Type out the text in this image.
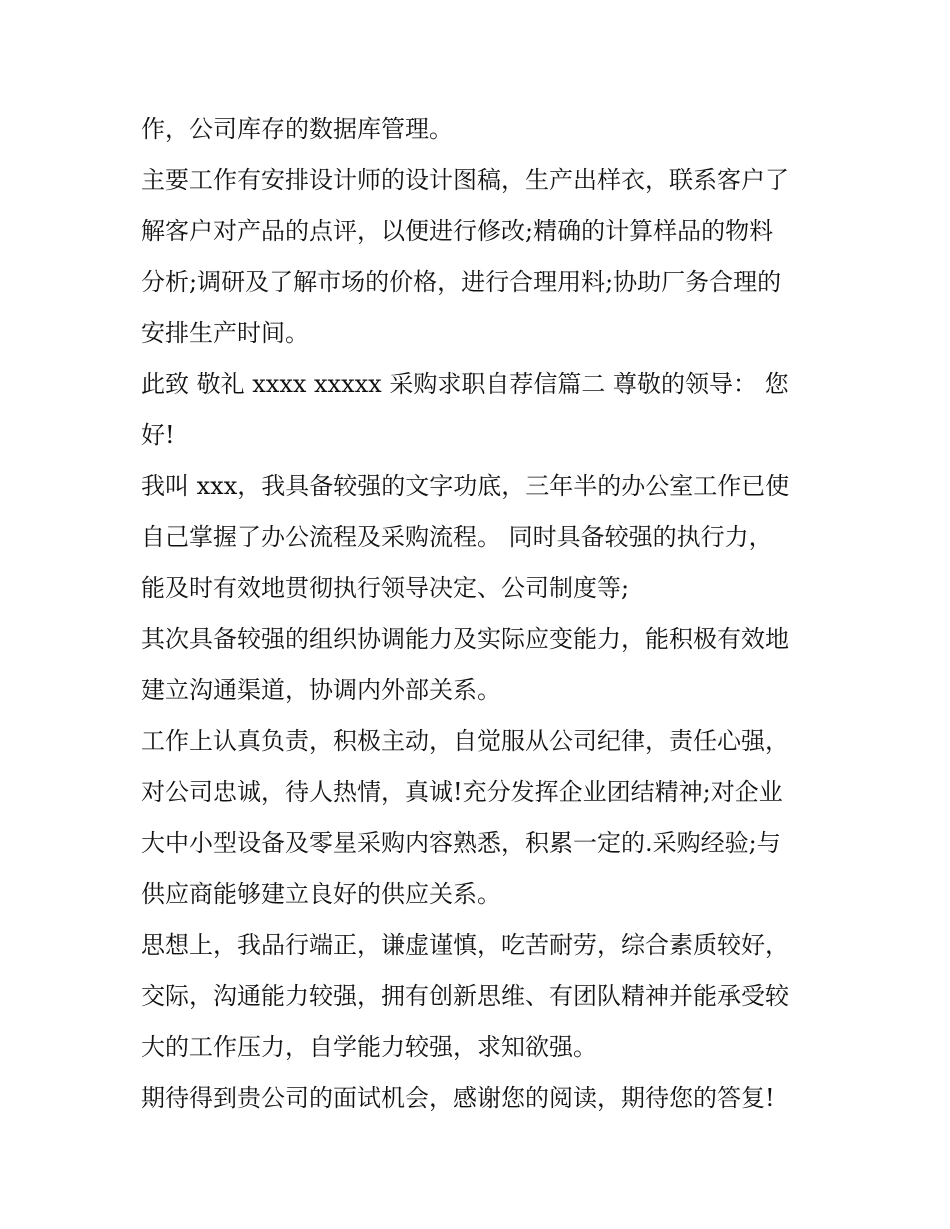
作，公司库存的数据库管理。
主要工作有安排设计师的设计图稿，生产出样衣，联系客户了
解客户对产品的点评，以便进行修改;精确的计算样品的物料
分析;调研及了解市场的价格，进行合理用料;协助厂务合理的
安排生产时间。
此致 敬礼 xxxx xxxxx 采购求职自荐信篇二 尊敬的领导： 您
好!
我叫 xxx，我具备较强的文字功底，三年半的办公室工作已使
自己掌握了办公流程及采购流程。 同时具备较强的执行力，
能及时有效地贯彻执行领导决定、公司制度等;
其次具备较强的组织协调能力及实际应变能力，能积极有效地
建立沟通渠道，协调内外部关系。
工作上认真负责，积极主动，自觉服从公司纪律，责任心强，
对公司忠诚，待人热情，真诚!充分发挥企业团结精神;对企业
大中小型设备及零星采购内容熟悉，积累一定的.采购经验;与
供应商能够建立良好的供应关系。
思想上，我品行端正，谦虚谨慎，吃苦耐劳，综合素质较好，
交际，沟通能力较强，拥有创新思维、有团队精神并能承受较
大的工作压力，自学能力较强，求知欲强。
期待得到贵公司的面试机会，感谢您的阅读，期待您的答复!
